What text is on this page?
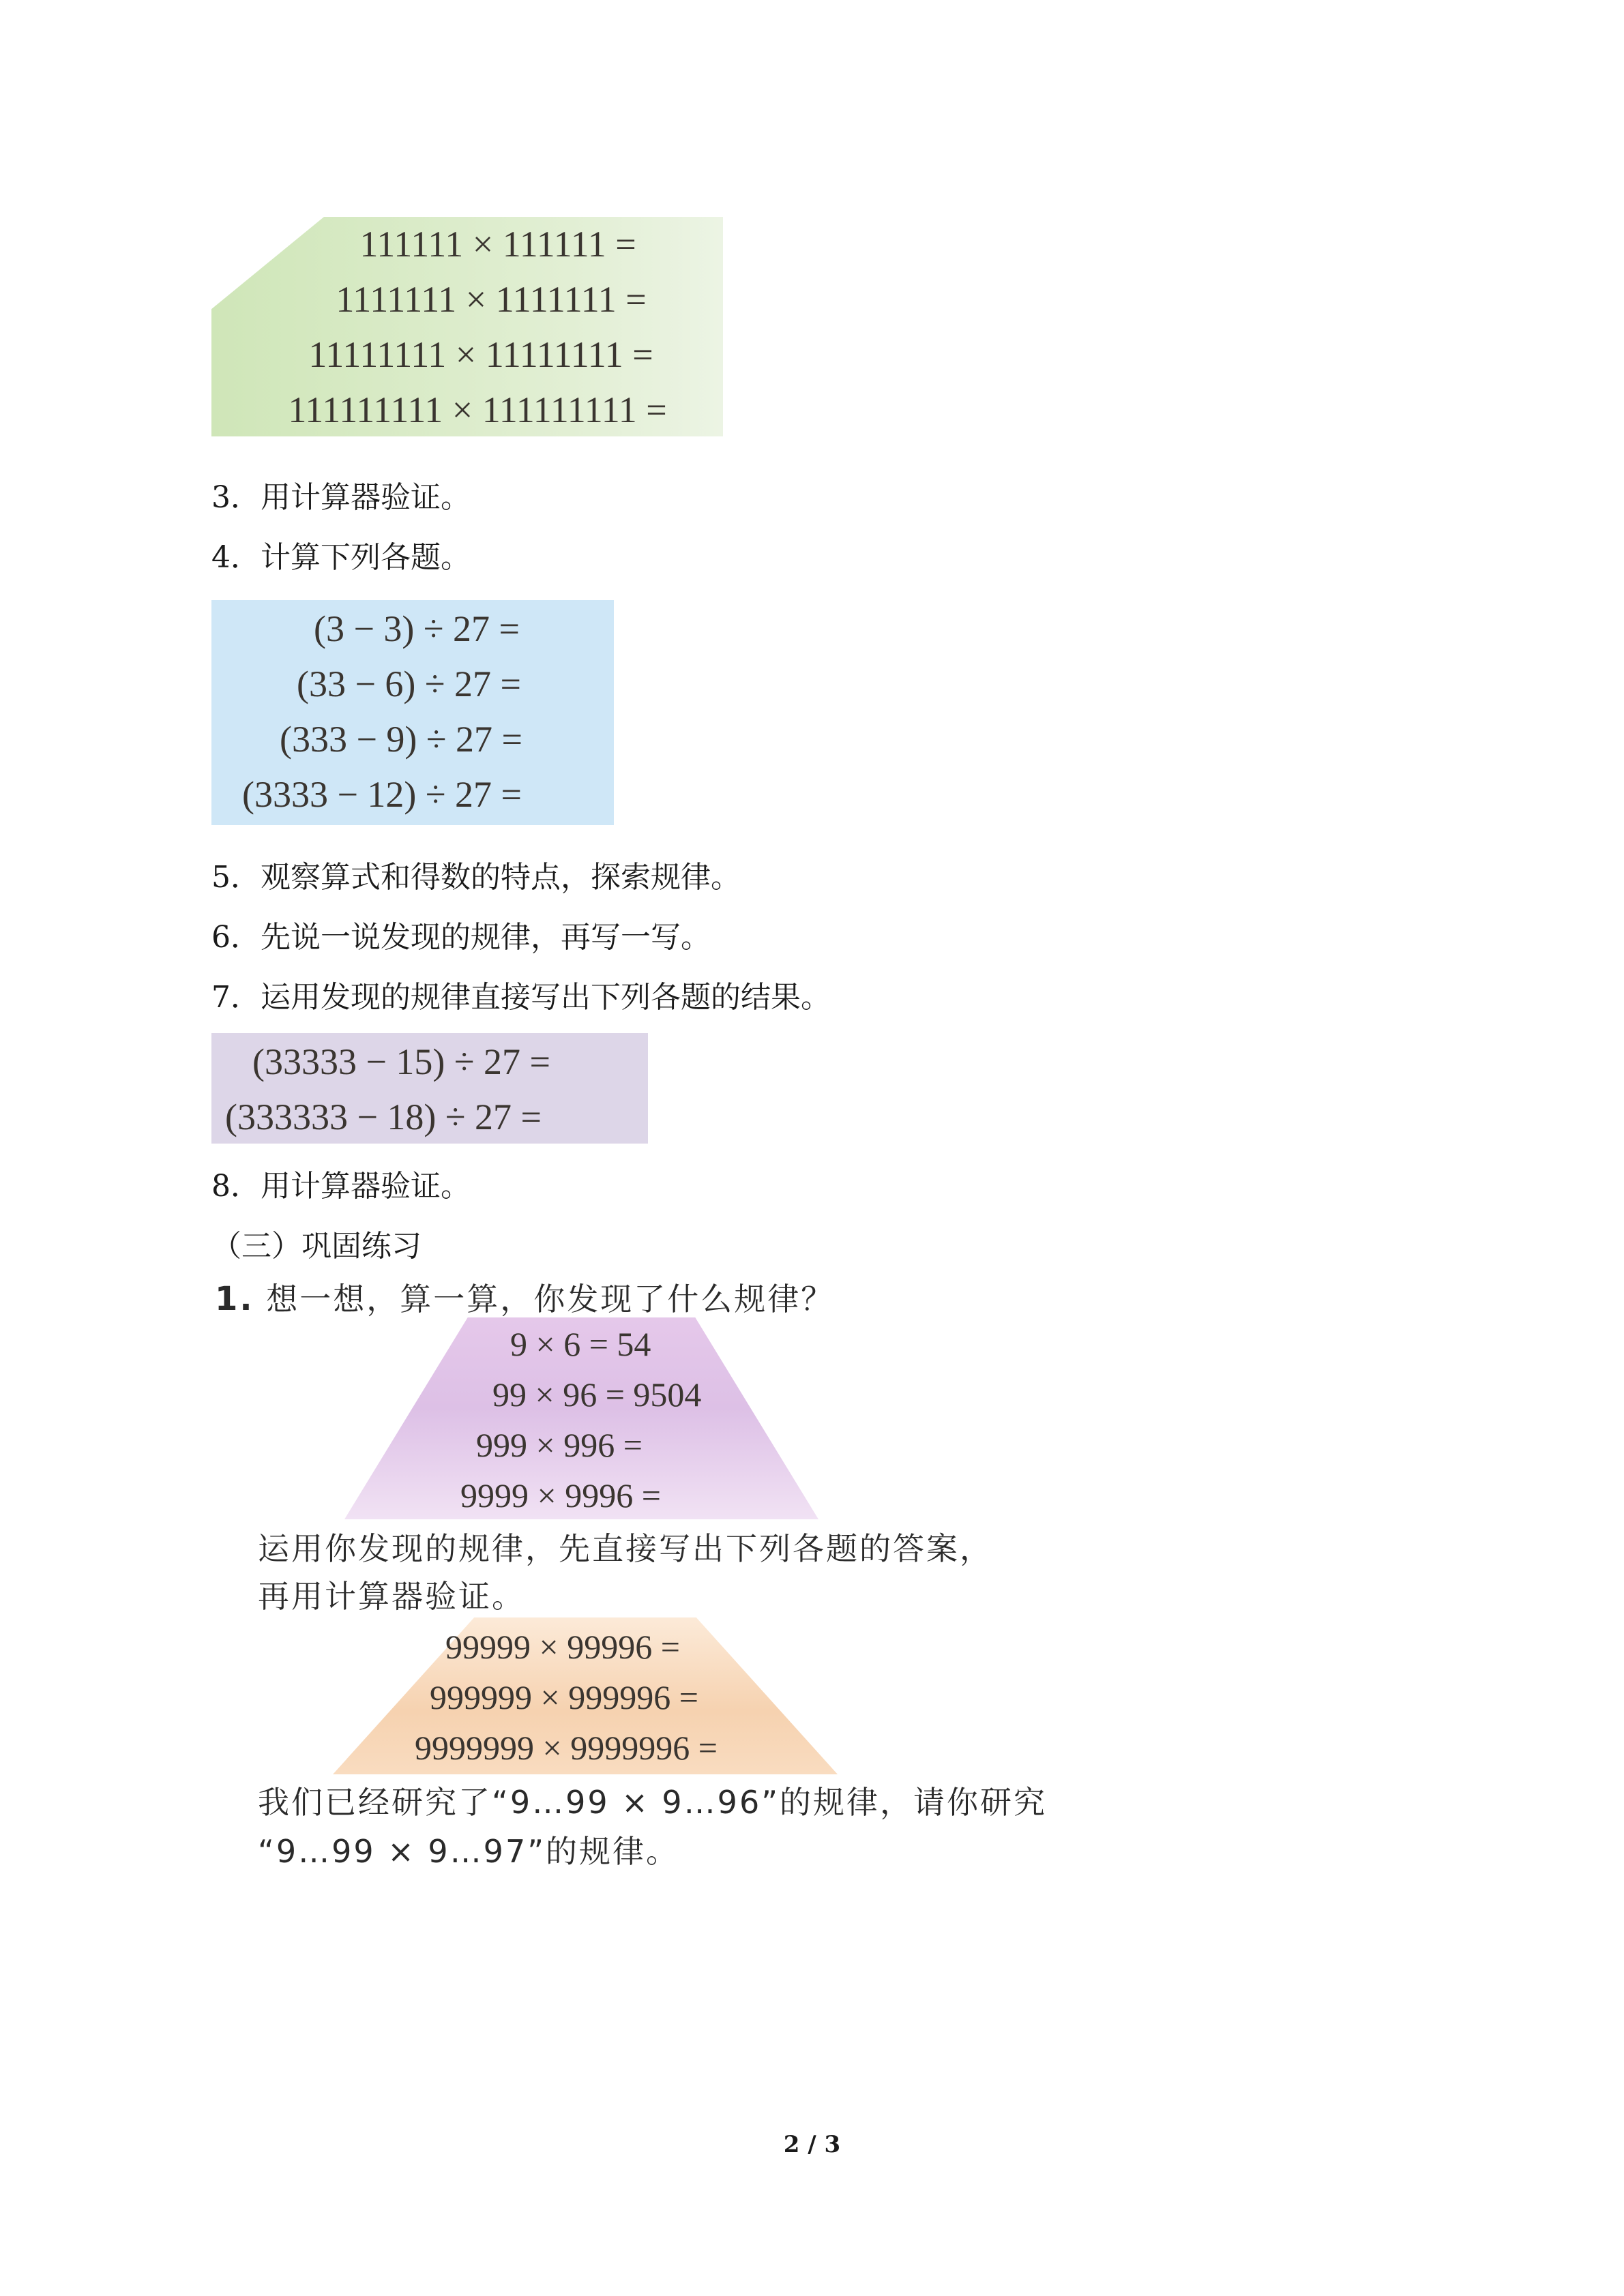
111111 × 111111 =
1111111 × 1111111 =
11111111 × 11111111 =
111111111 × 111111111 =
3．用计算器验证。
4．计算下列各题。
(3 − 3) ÷ 27 =
(33 − 6) ÷ 27 =
(333 − 9) ÷ 27 =
(3333 − 12) ÷ 27 =
5．观察算式和得数的特点，探索规律。
6．先说一说发现的规律，再写一写。
7．运用发现的规律直接写出下列各题的结果。
(33333 − 15) ÷ 27 =
(333333 − 18) ÷ 27 =
8．用计算器验证。
（三）巩固练习
1. 想一想，算一算，你发现了什么规律？
9 × 6 = 54
99 × 96 = 9504
999 × 996 =
9999 × 9996 =
运用你发现的规律，先直接写出下列各题的答案，
再用计算器验证。
99999 × 99996 =
999999 × 999996 =
9999999 × 9999996 =
我们已经研究了“9…99 × 9…96”的规律，请你研究
“9…99 × 9…97”的规律。
2 / 3
